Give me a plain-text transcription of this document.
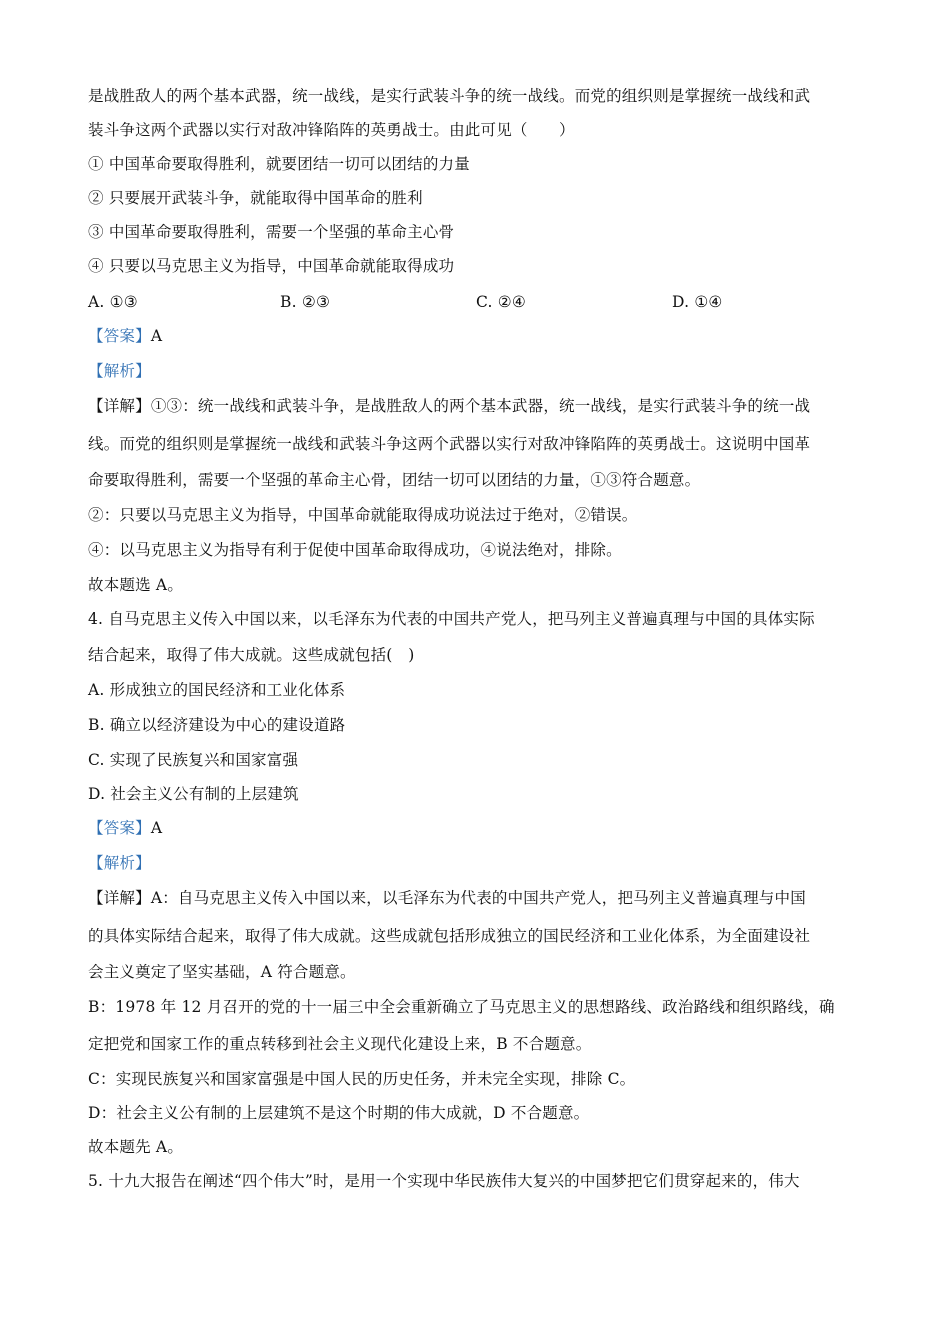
是战胜敌人的两个基本武器，统一战线，是实行武装斗争的统一战线。而党的组织则是掌握统一战线和武
装斗争这两个武器以实行对敌冲锋陷阵的英勇战士。由此可见（　　）
① 中国革命要取得胜利，就要团结一切可以团结的力量
② 只要展开武装斗争，就能取得中国革命的胜利
③ 中国革命要取得胜利，需要一个坚强的革命主心骨
④ 只要以马克思主义为指导，中国革命就能取得成功
A. ①③	B. ②③	C. ②④	D. ①④
【答案】A
【解析】
【详解】①③：统一战线和武装斗争，是战胜敌人的两个基本武器，统一战线，是实行武装斗争的统一战
线。而党的组织则是掌握统一战线和武装斗争这两个武器以实行对敌冲锋陷阵的英勇战士。这说明中国革
命要取得胜利，需要一个坚强的革命主心骨，团结一切可以团结的力量，①③符合题意。
②：只要以马克思主义为指导，中国革命就能取得成功说法过于绝对，②错误。
④：以马克思主义为指导有利于促使中国革命取得成功，④说法绝对，排除。
故本题选 A。
4. 自马克思主义传入中国以来，以毛泽东为代表的中国共产党人，把马列主义普遍真理与中国的具体实际
结合起来，取得了伟大成就。这些成就包括(　)
A. 形成独立的国民经济和工业化体系
B. 确立以经济建设为中心的建设道路
C. 实现了民族复兴和国家富强
D. 社会主义公有制的上层建筑
【答案】A
【解析】
【详解】A：自马克思主义传入中国以来，以毛泽东为代表的中国共产党人，把马列主义普遍真理与中国
的具体实际结合起来，取得了伟大成就。这些成就包括形成独立的国民经济和工业化体系，为全面建设社
会主义奠定了坚实基础，A 符合题意。
B：1978 年 12 月召开的党的十一届三中全会重新确立了马克思主义的思想路线、政治路线和组织路线，确
定把党和国家工作的重点转移到社会主义现代化建设上来，B 不合题意。
C：实现民族复兴和国家富强是中国人民的历史任务，并未完全实现，排除 C。
D：社会主义公有制的上层建筑不是这个时期的伟大成就，D 不合题意。
故本题先 A。
5. 十九大报告在阐述“四个伟大”时，是用一个实现中华民族伟大复兴的中国梦把它们贯穿起来的，伟大
